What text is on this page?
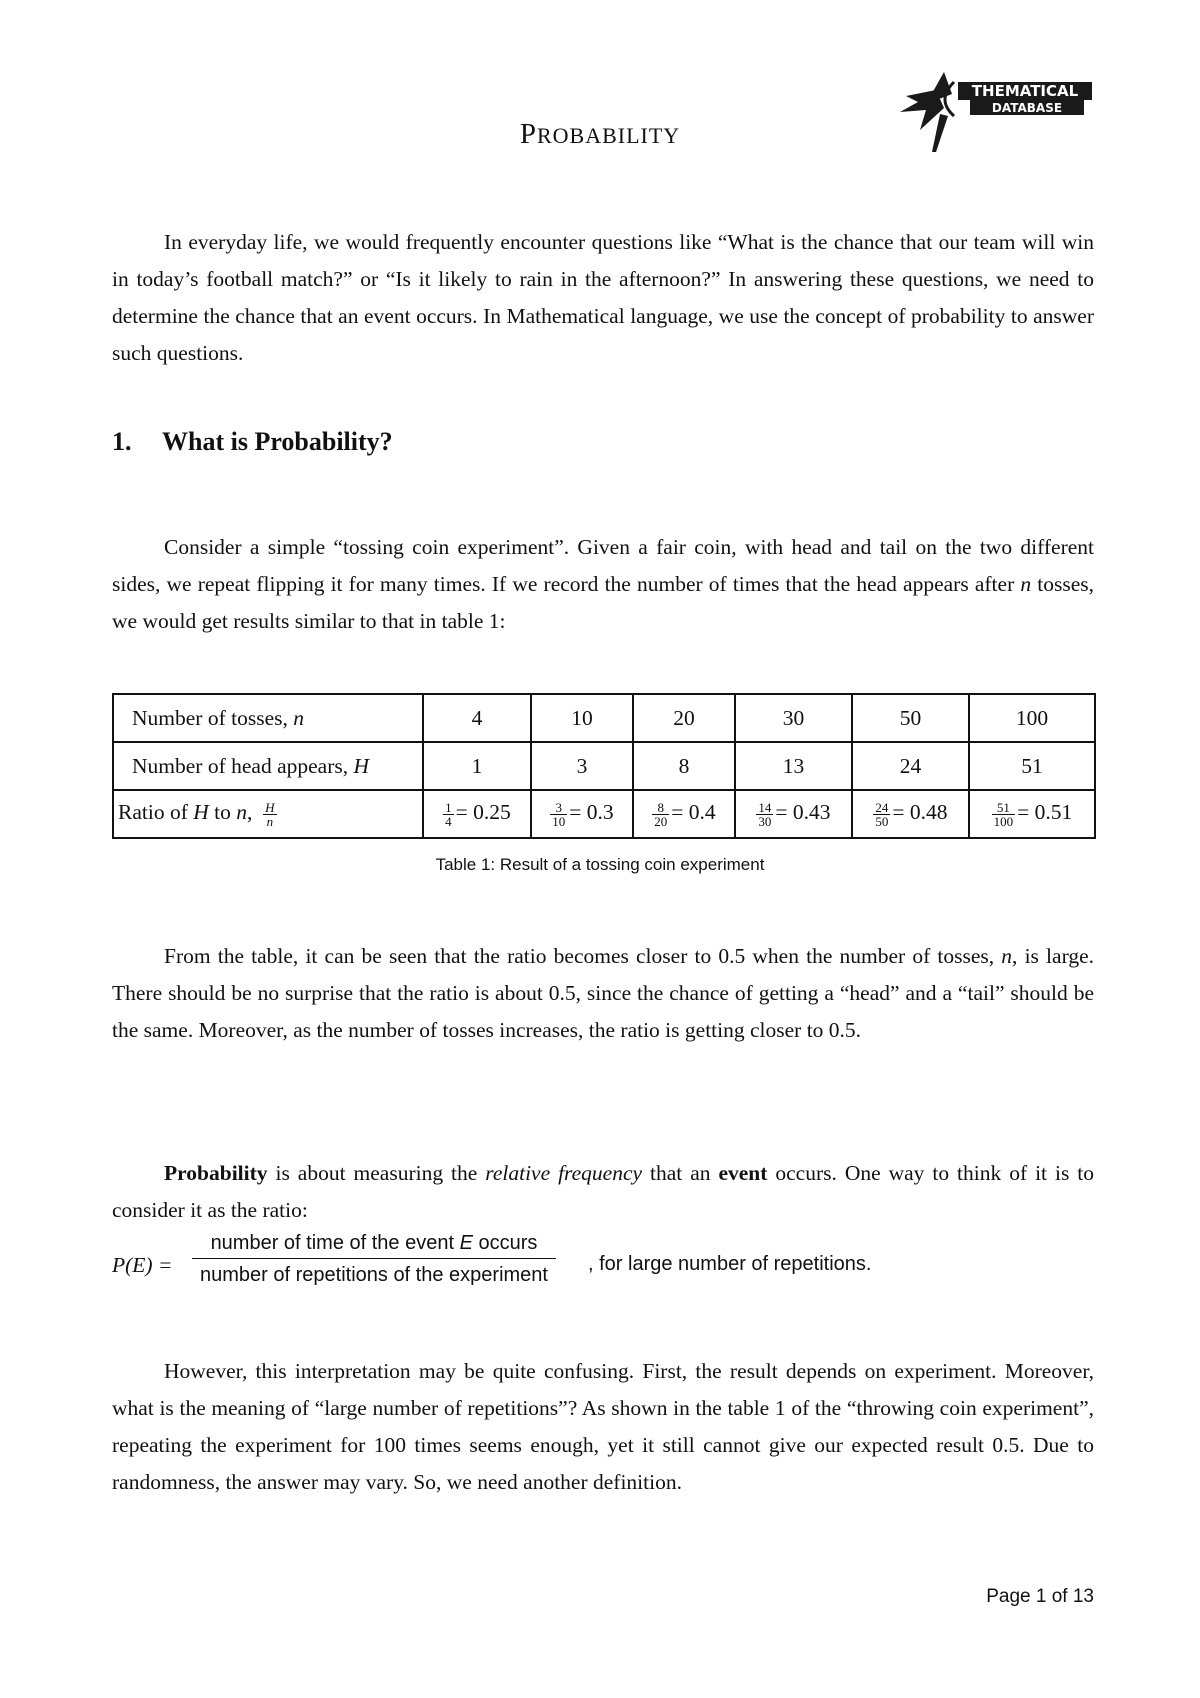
THEMATICAL
DATABASE
PROBABILITY

In everyday life, we would frequently encounter questions like “What is the chance that our team will win in today’s football match?” or “Is it likely to rain in the afternoon?” In answering these questions, we need to determine the chance that an event occurs. In Mathematical language, we use the concept of probability to answer such questions.

1. What is Probability?

Consider a simple “tossing coin experiment”. Given a fair coin, with head and tail on the two different sides, we repeat flipping it for many times. If we record the number of times that the head appears after n tosses, we would get results similar to that in table 1:

Number of tosses, n	4	10	20	30	50	100
Number of head appears, H	1	3	8	13	24	51
Ratio of H to n, $\frac{H}{n}$	$\frac{1}{4} = 0.25$	$\frac{3}{10} = 0.3$	$\frac{8}{20} = 0.4$	$\frac{14}{30} = 0.43$	$\frac{24}{50} = 0.48$	$\frac{51}{100} = 0.51$
Table 1: Result of a tossing coin experiment

From the table, it can be seen that the ratio becomes closer to 0.5 when the number of tosses, n, is large. There should be no surprise that the ratio is about 0.5, since the chance of getting a “head” and a “tail” should be the same. Moreover, as the number of tosses increases, the ratio is getting closer to 0.5.

Probability is about measuring the relative frequency that an event occurs. One way to think of it is to consider it as the ratio:

P(E) =
number of time of the event E occurs
number of repetitions of the experiment	, for large number of repetitions.

However, this interpretation may be quite confusing. First, the result depends on experiment. Moreover, what is the meaning of “large number of repetitions”? As shown in the table 1 of the “throwing coin experiment”, repeating the experiment for 100 times seems enough, yet it still cannot give our expected result 0.5. Due to randomness, the answer may vary. So, we need another definition.

Page 1 of 13
